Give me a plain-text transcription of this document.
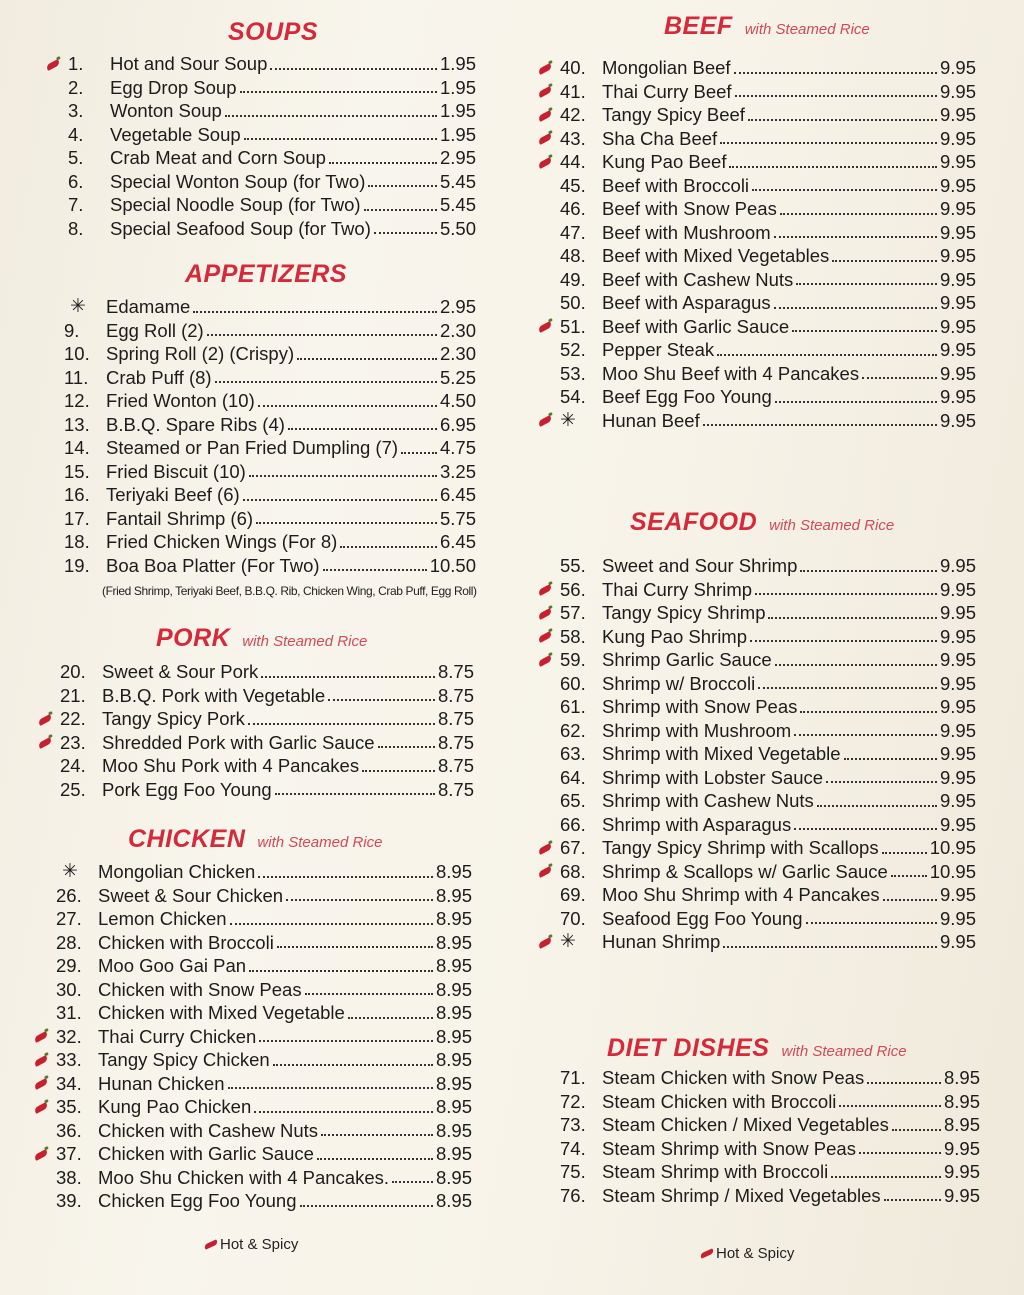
SOUPS
1.	Hot and Sour Soup	1.95
2.	Egg Drop Soup	1.95
3.	Wonton Soup	1.95
4.	Vegetable Soup	1.95
5.	Crab Meat and Corn Soup	2.95
6.	Special Wonton Soup (for Two)	5.45
7.	Special Noodle Soup (for Two)	5.45
8.	Special Seafood Soup (for Two)	5.50
APPETIZERS
✳	Edamame	2.95
9.	Egg Roll (2)	2.30
10. Spring Roll (2) (Crispy)	2.30
11. Crab Puff (8)	5.25
12. Fried Wonton (10)	4.50
13. B.B.Q. Spare Ribs (4)	6.95
14. Steamed or Pan Fried Dumpling (7) 4.75
15. Fried Biscuit (10)	3.25
16. Teriyaki Beef (6)	6.45
17. Fantail Shrimp (6)	5.75
18. Fried Chicken Wings (For 8)	6.45
19. Boa Boa Platter (For Two)	10.50
(Fried Shrimp, Teriyaki Beef, B.B.Q. Rib, Chicken Wing, Crab Puff, Egg Roll)
PORK with Steamed Rice
20. Sweet & Sour Pork	8.75
21. B.B.Q. Pork with Vegetable	8.75
22. Tangy Spicy Pork	8.75
23. Shredded Pork with Garlic Sauce	8.75
24. Moo Shu Pork with 4 Pancakes	8.75
25. Pork Egg Foo Young	8.75
CHICKEN with Steamed Rice
✳	Mongolian Chicken	8.95
26. Sweet & Sour Chicken	8.95
27. Lemon Chicken	8.95
28. Chicken with Broccoli	8.95
29. Moo Goo Gai Pan	8.95
30. Chicken with Snow Peas	8.95
31. Chicken with Mixed Vegetable	8.95
32. Thai Curry Chicken	8.95
33. Tangy Spicy Chicken	8.95
34. Hunan Chicken	8.95
35. Kung Pao Chicken	8.95
36. Chicken with Cashew Nuts	8.95
37. Chicken with Garlic Sauce	8.95
38. Moo Shu Chicken with 4 Pancakes.	8.95
39. Chicken Egg Foo Young	8.95
Hot & Spicy
BEEF with Steamed Rice
40. Mongolian Beef	9.95
41. Thai Curry Beef	9.95
42. Tangy Spicy Beef	9.95
43. Sha Cha Beef	9.95
44. Kung Pao Beef	9.95
45. Beef with Broccoli	9.95
46. Beef with Snow Peas	9.95
47. Beef with Mushroom	9.95
48. Beef with Mixed Vegetables	9.95
49. Beef with Cashew Nuts	9.95
50. Beef with Asparagus	9.95
51. Beef with Garlic Sauce	9.95
52. Pepper Steak	9.95
53. Moo Shu Beef with 4 Pancakes	9.95
54. Beef Egg Foo Young	9.95
✳	Hunan Beef	9.95
SEAFOOD with Steamed Rice
55. Sweet and Sour Shrimp	9.95
56. Thai Curry Shrimp	9.95
57. Tangy Spicy Shrimp	9.95
58. Kung Pao Shrimp	9.95
59. Shrimp Garlic Sauce	9.95
60. Shrimp w/ Broccoli	9.95
61. Shrimp with Snow Peas	9.95
62. Shrimp with Mushroom	9.95
63. Shrimp with Mixed Vegetable	9.95
64. Shrimp with Lobster Sauce	9.95
65. Shrimp with Cashew Nuts	9.95
66. Shrimp with Asparagus	9.95
67. Tangy Spicy Shrimp with Scallops	10.95
68. Shrimp & Scallops w/ Garlic Sauce 10.95
69. Moo Shu Shrimp with 4 Pancakes	9.95
70. Seafood Egg Foo Young	9.95
✳	Hunan Shrimp	9.95
DIET DISHES with Steamed Rice
71. Steam Chicken with Snow Peas	8.95
72. Steam Chicken with Broccoli	8.95
73. Steam Chicken / Mixed Vegetables	8.95
74. Steam Shrimp with Snow Peas	9.95
75. Steam Shrimp with Broccoli	9.95
76. Steam Shrimp / Mixed Vegetables	9.95
Hot & Spicy
